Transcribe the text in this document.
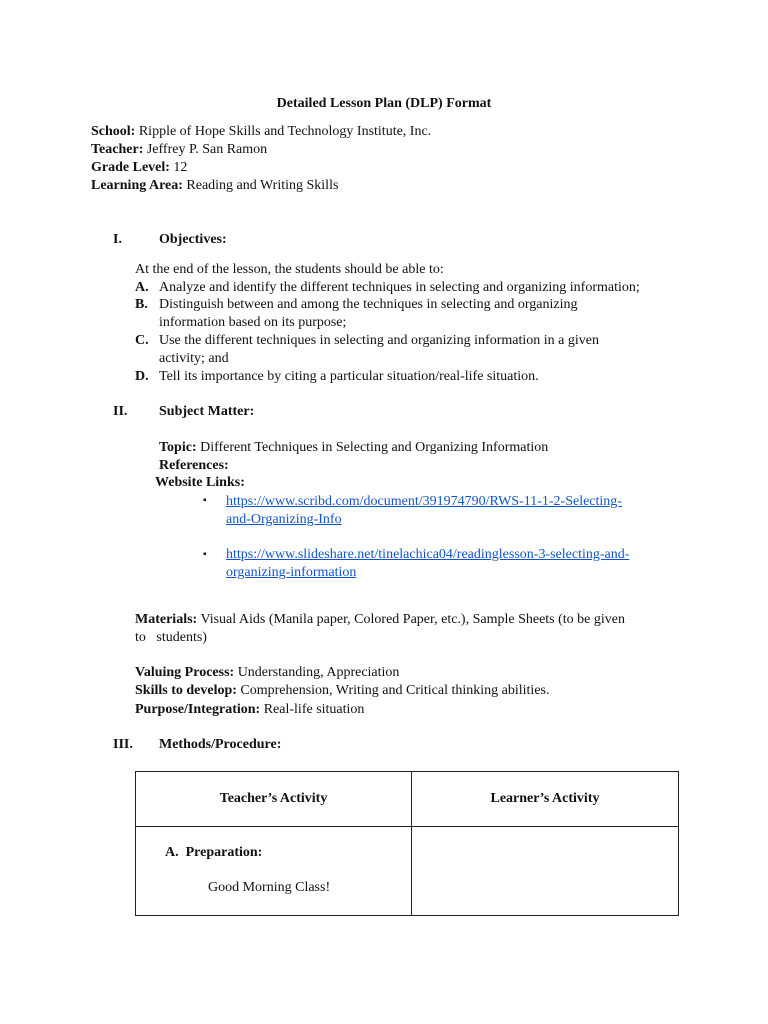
Detailed Lesson Plan (DLP) Format
School: Ripple of Hope Skills and Technology Institute, Inc.
Teacher: Jeffrey P. San Ramon
Grade Level: 12
Learning Area: Reading and Writing Skills
I.	Objectives:
At the end of the lesson, the students should be able to:
A. Analyze and identify the different techniques in selecting and organizing information;
B. Distinguish between and among the techniques in selecting and organizing
information based on its purpose;
C. Use the different techniques in selecting and organizing information in a given
activity; and
D. Tell its importance by citing a particular situation/real-life situation.
II. Subject Matter:
Topic: Different Techniques in Selecting and Organizing Information
References:
Website Links:
▪ https://www.scribd.com/document/391974790/RWS-11-1-2-Selecting-
and-Organizing-Info
▪ https://www.slideshare.net/tinelachica04/readinglesson-3-selecting-and-
organizing-information
Materials: Visual Aids (Manila paper, Colored Paper, etc.), Sample Sheets (to be given
to   students)
Valuing Process: Understanding, Appreciation
Skills to develop: Comprehension, Writing and Critical thinking abilities.
Purpose/Integration: Real-life situation
III. Methods/Procedure:
Teacher’s Activity	Learner’s Activity

A.  Preparation:
Good Morning Class!	
